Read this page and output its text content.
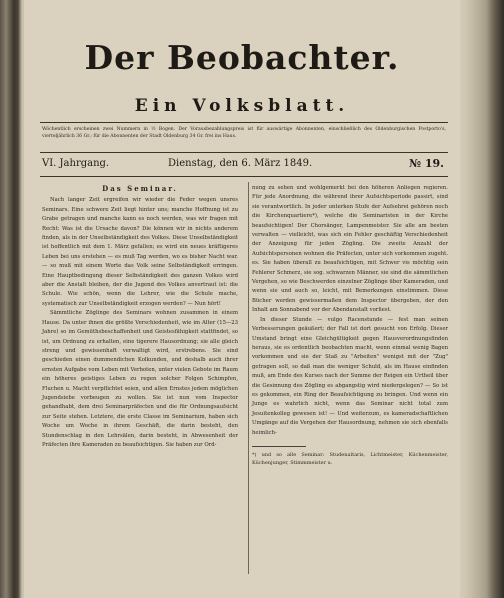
Der Beobachter.
Ein Volksblatt.
Wöchentlich erscheinen zwei Nummern in ½ Bogen. Der Vorausbezahlungspreis ist für auswärtige Abonnenten, einschließlich des Oldenburgischen Postporto's, vierteljährlich 36 Gr.; für die Abonnenten der Stadt Oldenburg 34 Gr. frei ins Haus.
VI. Jahrgang.	Dienstag, den 6. März 1849.	№ 19.
Das Seminar.

Nach langer Zeit ergreifen wir wieder die Feder wegen unsres Seminars. Eine schwere Zeit liegt hinter uns; manche Hoffnung ist zu Grabe getragen und manche kann es noch werden, was wir fragen mit Recht: Was ist die Ursache davon? Die können wir in nichts anderem finden, als in der Unselbständigkeit des Volkes. Diese Unselbständigkeit ist hoffentlich mit dem 1. März gefallen; es wird ein neues kräftigeres Leben bei uns erstehen — es muß Tag werden, wo es bisher Nacht war. — so muß mit einem Worte das Volk seine Selbständigkeit erringen. Eine Hauptbedingung dieser Selbständigkeit des ganzen Volkes wird aber die Anstalt bleiben, der die Jugend des Volkes anvertraut ist: die Schule. Wie schön, wenn die Lehrer, wie die Schule mache, systematisch zur Unselbständigkeit erzogen werden? — Nun hört!

Sämmtliche Zöglinge des Seminars wohnen zusammen in einem Hause. Da unter ihnen die größte Verschiedenheit, wie im Alter (15—23 Jahre) so im Gemüthsbeschaffenheit und Geistesfähigkeit stattfindet, so ist, um Ordnung zu erhalten, eine tigerere Hausordnung; sie alle gleich streng und gewissenhaft verwaltigt wird, erstrebens. Sie sind geschieden einen dummendichen Kolkunden, und deshalb auch ihrer ernsten Aufgabe vom Leben mit Verboten, unter vielen Gebote im Raum ein höheres geistiges Leben zu regen solcher Folgen Schimpfen, Fluchen u. Macht verpflichtet seien, und allen Ernstes jedem möglichen Jugendsiebe vorbeugen zu wollen. Sie ist nun vom Inspector gehandhabt, dem drei Seminarpräfecten und die für Ordnungsaufsicht zur Seite stehen. Letztere, die erste Classe im Seminarium, haben sich Woche um Woche in ihrem Geschäft, die darin besteht, den Stundenschlag in den Lehrsälen, darin besteht, in Abwesenheit der Präfecten ihre Kameraden zu beaufsichtigen. Sie haben zur Ord-

nung zu sehen und wohlgemerkt bei den höheren Anliegen regieren. Für jede Anordnung, die während ihrer Aufsichtsperiode passirt, sind sie verantwortlich. In jeder unterken Stufe der Aufsehrei gehören noch die Kirchenquartiere*), welche die Seminaristen in der Kirche beaufsichtigen! Der Chorsänger, Lampenmeister. Sie alle am besten verwalten — vielleicht, was sich ein Fehler geschäftig Verschiedenheit der Anzeigung für jeden Zögling. Die zweite Anzahl der Aufsichtspersonen wohnen die Präfecten, unter sich vorkommen zugeht. es. Sie haben überall zu beaufsichtigen, mit Schwer vis möchtig sein Fehlerer Schmerz, sie sog. schwarzen Männer, sie sind die sämmtlichen Vergehen, so wie Beschwerden einzelner Zöglinge über Kameraden, und wenn sie und auch so, leicht, mit Bemerkungen einstimmen. Diese Bücher werden gewissermaßen dem Inspector übergeben, der den Inhalt am Sonnabend vor der Abendanstalt vorliest.

In dieser Stunde — vulgo Racenstunde — fest man seinen Verbesserungen geäußert; der Fall ist dort gesucht von Erfolg. Dieser Umstand bringt eine Gleichgültigkeit gegen Hausverordnungsfinden heraus, sie es ordentlich beobachten macht, wenn einmal wenig Bagen vorkommen und sie der Staß zu "Arbeiten" wenigst mit der "Zug" getragen soll, so daß man die weniger Schuld, als im Hause einfinden muß, am Ende des Kurses nach der Summe der Reigen ein Urtheil über die Gesinnung des Zögling es abgangstig wird niedergelegen? — So ist es gekommen, ein Ring der Beaufsichtigung zu bringen. Und wenn ein Junge es wahrlich nicht, wenn das Seminar nicht total zum Jesuitenkolleg gewesen ist! — Und weiterzum, es kameradschaftlichen Umgänge auf die Vergehen der Hausordnung, nehmen sie sich ebenfalls heimlich-

*) und so alle Seminar: Studenaltaris, Lichtmeister, Küchenmeister, Küchenjunger, Stimmmeister u.
